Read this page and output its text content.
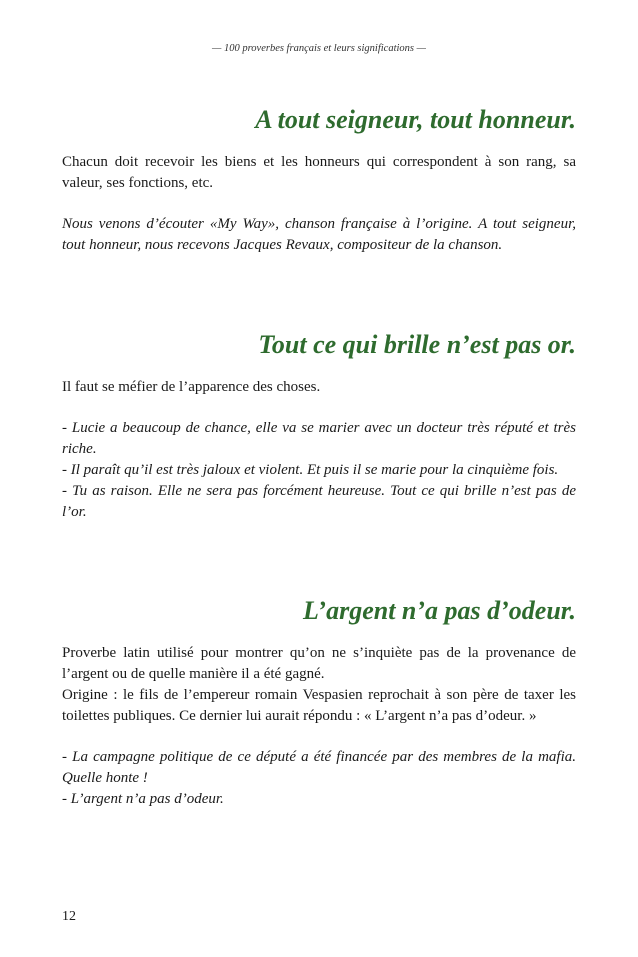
— 100 proverbes français et leurs significations —
A tout seigneur, tout honneur.

Chacun doit recevoir les biens et les honneurs qui correspondent à son rang, sa valeur, ses fonctions, etc.

Nous venons d’écouter «My Way», chanson française à l’origine. A tout seigneur, tout honneur, nous recevons Jacques Revaux, compositeur de la chanson.

Tout ce qui brille n’est pas or.

Il faut se méfier de l’apparence des choses.

- Lucie a beaucoup de chance, elle va se marier avec un docteur très réputé et très riche.

- Il paraît qu’il est très jaloux et violent. Et puis il se marie pour la cinquième fois.

- Tu as raison. Elle ne sera pas forcément heureuse. Tout ce qui brille n’est pas de l’or.

L’argent n’a pas d’odeur.

Proverbe latin utilisé pour montrer qu’on ne s’inquiète pas de la provenance de l’argent ou de quelle manière il a été gagné.

Origine : le fils de l’empereur romain Vespasien reprochait à son père de taxer les toilettes publiques. Ce dernier lui aurait répondu : « L’argent n’a pas d’odeur. »

- La campagne politique de ce député a été financée par des membres de la mafia. Quelle honte !

- L’argent n’a pas d’odeur.

12
